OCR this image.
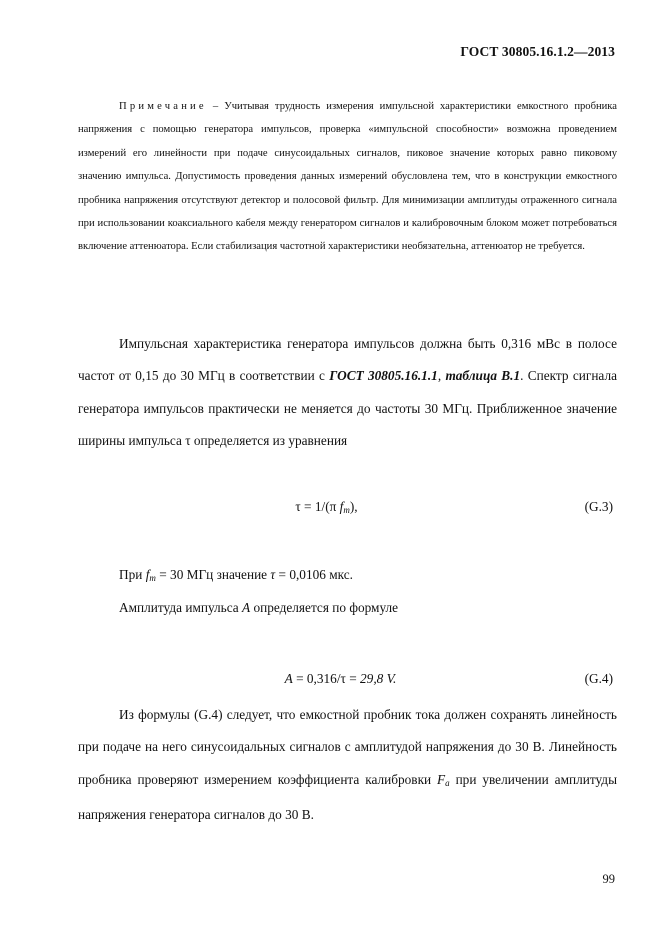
ГОСТ 30805.16.1.2—2013

Примечание – Учитывая трудность измерения импульсной характеристики емкостного пробника напряжения с помощью генератора импульсов, проверка «импульсной способности» возможна проведением измерений его линейности при подаче синусоидальных сигналов, пиковое значение которых равно пиковому значению импульса. Допустимость проведения данных измерений обусловлена тем, что в конструкции емкостного пробника напряжения отсутствуют детектор и полосовой фильтр. Для минимизации амплитуды отраженного сигнала при использовании коаксиального кабеля между генератором сигналов и калибровочным блоком может потребоваться включение аттенюатора. Если стабилизация частотной характеристики необязательна, аттенюатор не требуется.

Импульсная характеристика генератора импульсов должна быть 0,316 мВс в полосе частот от 0,15 до 30 МГц в соответствии с ГОСТ 30805.16.1.1, таблица В.1. Спектр сигнала генератора импульсов практически не меняется до частоты 30 МГц. Приближенное значение ширины импульса τ определяется из уравнения

τ = 1/(π $f_m$),	(G.3)

При $f_m = 30$ МГц значение τ = 0,0106 мкс.

Амплитуда импульса A определяется по формуле

A = 0,316/τ = 29,8 V.	(G.4)

Из формулы (G.4) следует, что емкостной пробник тока должен сохранять линейность при подаче на него синусоидальных сигналов с амплитудой напряжения до 30 В. Линейность пробника проверяют измерением коэффициента калибровки $F_a$ при увеличении амплитуды напряжения генератора сигналов до 30 В.

99
